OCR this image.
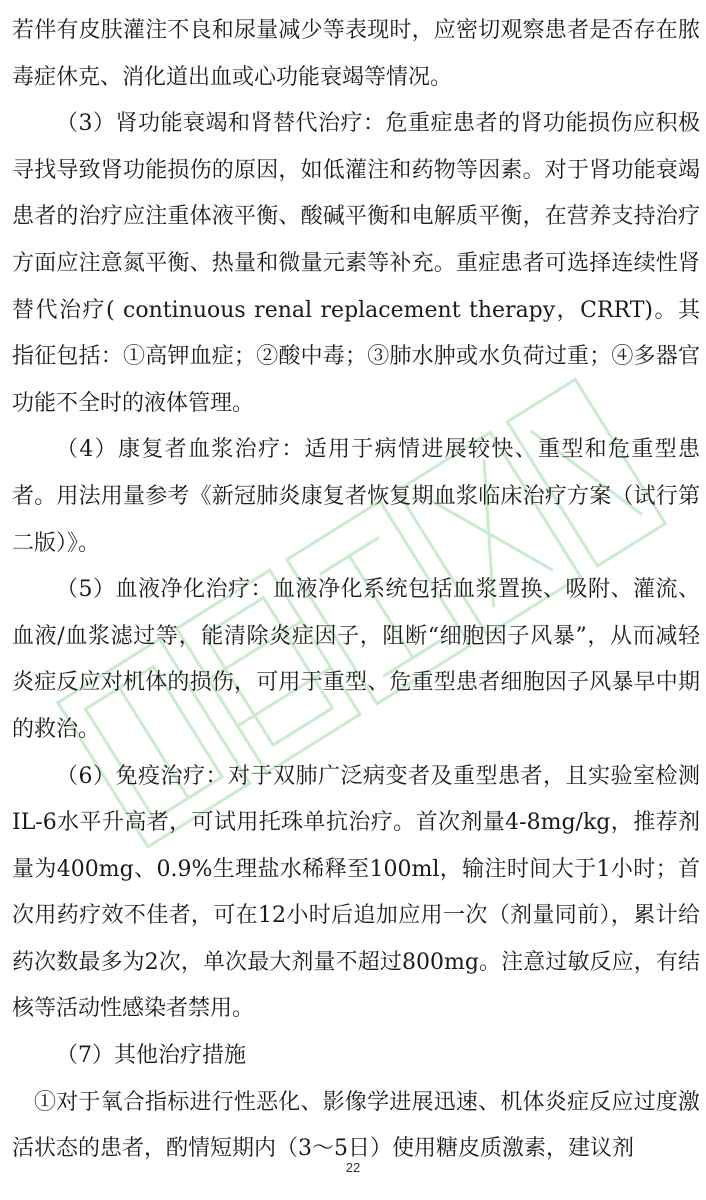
若伴有皮肤灌注不良和尿量减少等表现时，应密切观察患者是否存在脓毒症休克、消化道出血或心功能衰竭等情况。

（3）肾功能衰竭和肾替代治疗：危重症患者的肾功能损伤应积极寻找导致肾功能损伤的原因，如低灌注和药物等因素。对于肾功能衰竭患者的治疗应注重体液平衡、酸碱平衡和电解质平衡，在营养支持治疗方面应注意氮平衡、热量和微量元素等补充。重症患者可选择连续性肾替代治疗( continuous renal replacement therapy，CRRT)。其指征包括：①高钾血症；②酸中毒；③肺水肿或水负荷过重；④多器官功能不全时的液体管理。

（4）康复者血浆治疗：适用于病情进展较快、重型和危重型患者。用法用量参考《新冠肺炎康复者恢复期血浆临床治疗方案（试行第二版）》。

（5）血液净化治疗：血液净化系统包括血浆置换、吸附、灌流、血液/血浆滤过等，能清除炎症因子，阻断“细胞因子风暴”，从而减轻炎症反应对机体的损伤，可用于重型、危重型患者细胞因子风暴早中期的救治。

（6）免疫治疗：对于双肺广泛病变者及重型患者，且实验室检测IL-6水平升高者，可试用托珠单抗治疗。首次剂量4-8mg/kg，推荐剂量为400mg、0.9%生理盐水稀释至100ml，输注时间大于1小时；首次用药疗效不佳者，可在12小时后追加应用一次（剂量同前），累计给药次数最多为2次，单次最大剂量不超过800mg。注意过敏反应，有结核等活动性感染者禁用。

（7）其他治疗措施

①对于氧合指标进行性恶化、影像学进展迅速、机体炎症反应过度激活状态的患者，酌情短期内（3～5日）使用糖皮质激素，建议剂

22
